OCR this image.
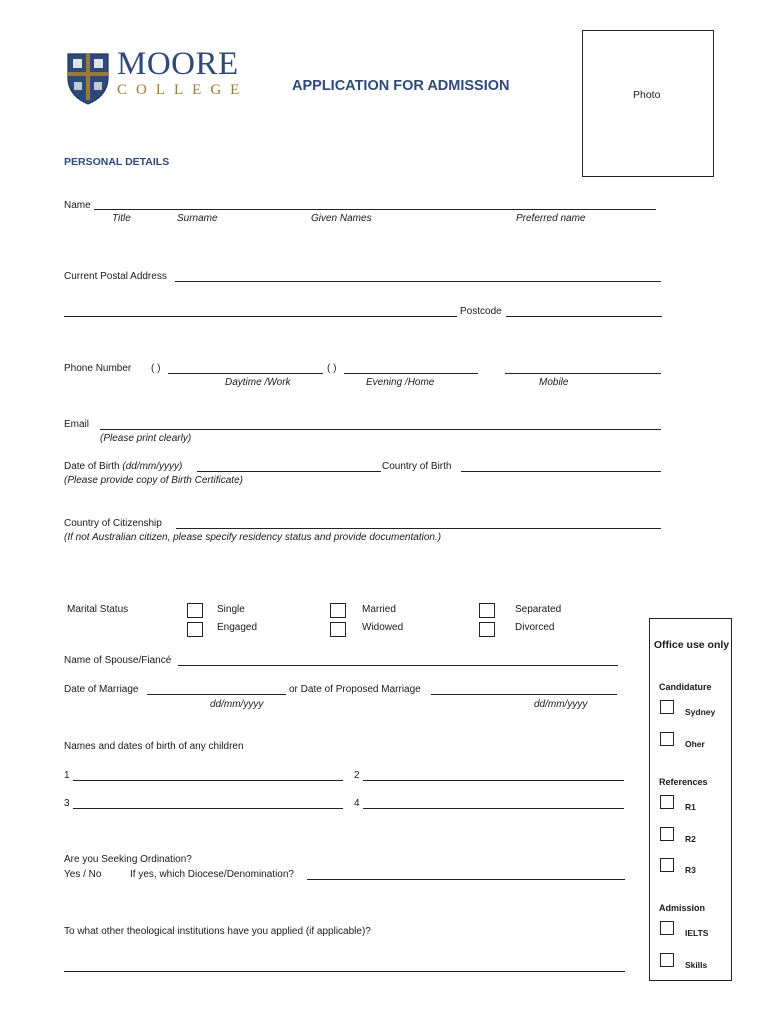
MOORE
COLLEGE	APPLICATION FOR ADMISSION
Photo
PERSONAL DETAILS
Name
Title	Surname	Given Names	Preferred name
Current Postal Address
Postcode
Phone Number ( )	( )
Daytime /Work	Evening /Home	Mobile
Email
(Please print clearly)
Date of Birth (dd/mm/yyyy)	Country of Birth
(Please provide copy of Birth Certificate)
Country of Citizenship
(If not Australian citizen, please specify residency status and provide documentation.)
Marital Status	Single	Married	Separated
Engaged	Widowed	Divorced
Name of Spouse/Fiancé
Date of Marriage	or Date of Proposed Marriage
dd/mm/yyyy	dd/mm/yyyy
Names and dates of birth of any children
1	2
3	4
Are you Seeking Ordination?
Yes / No	If yes, which Diocese/Denomination?
To what other theological institutions have you applied (if applicable)?
Office use only
Candidature
Sydney
Oher
References
R1
R2
R3
Admission
IELTS
Skills
